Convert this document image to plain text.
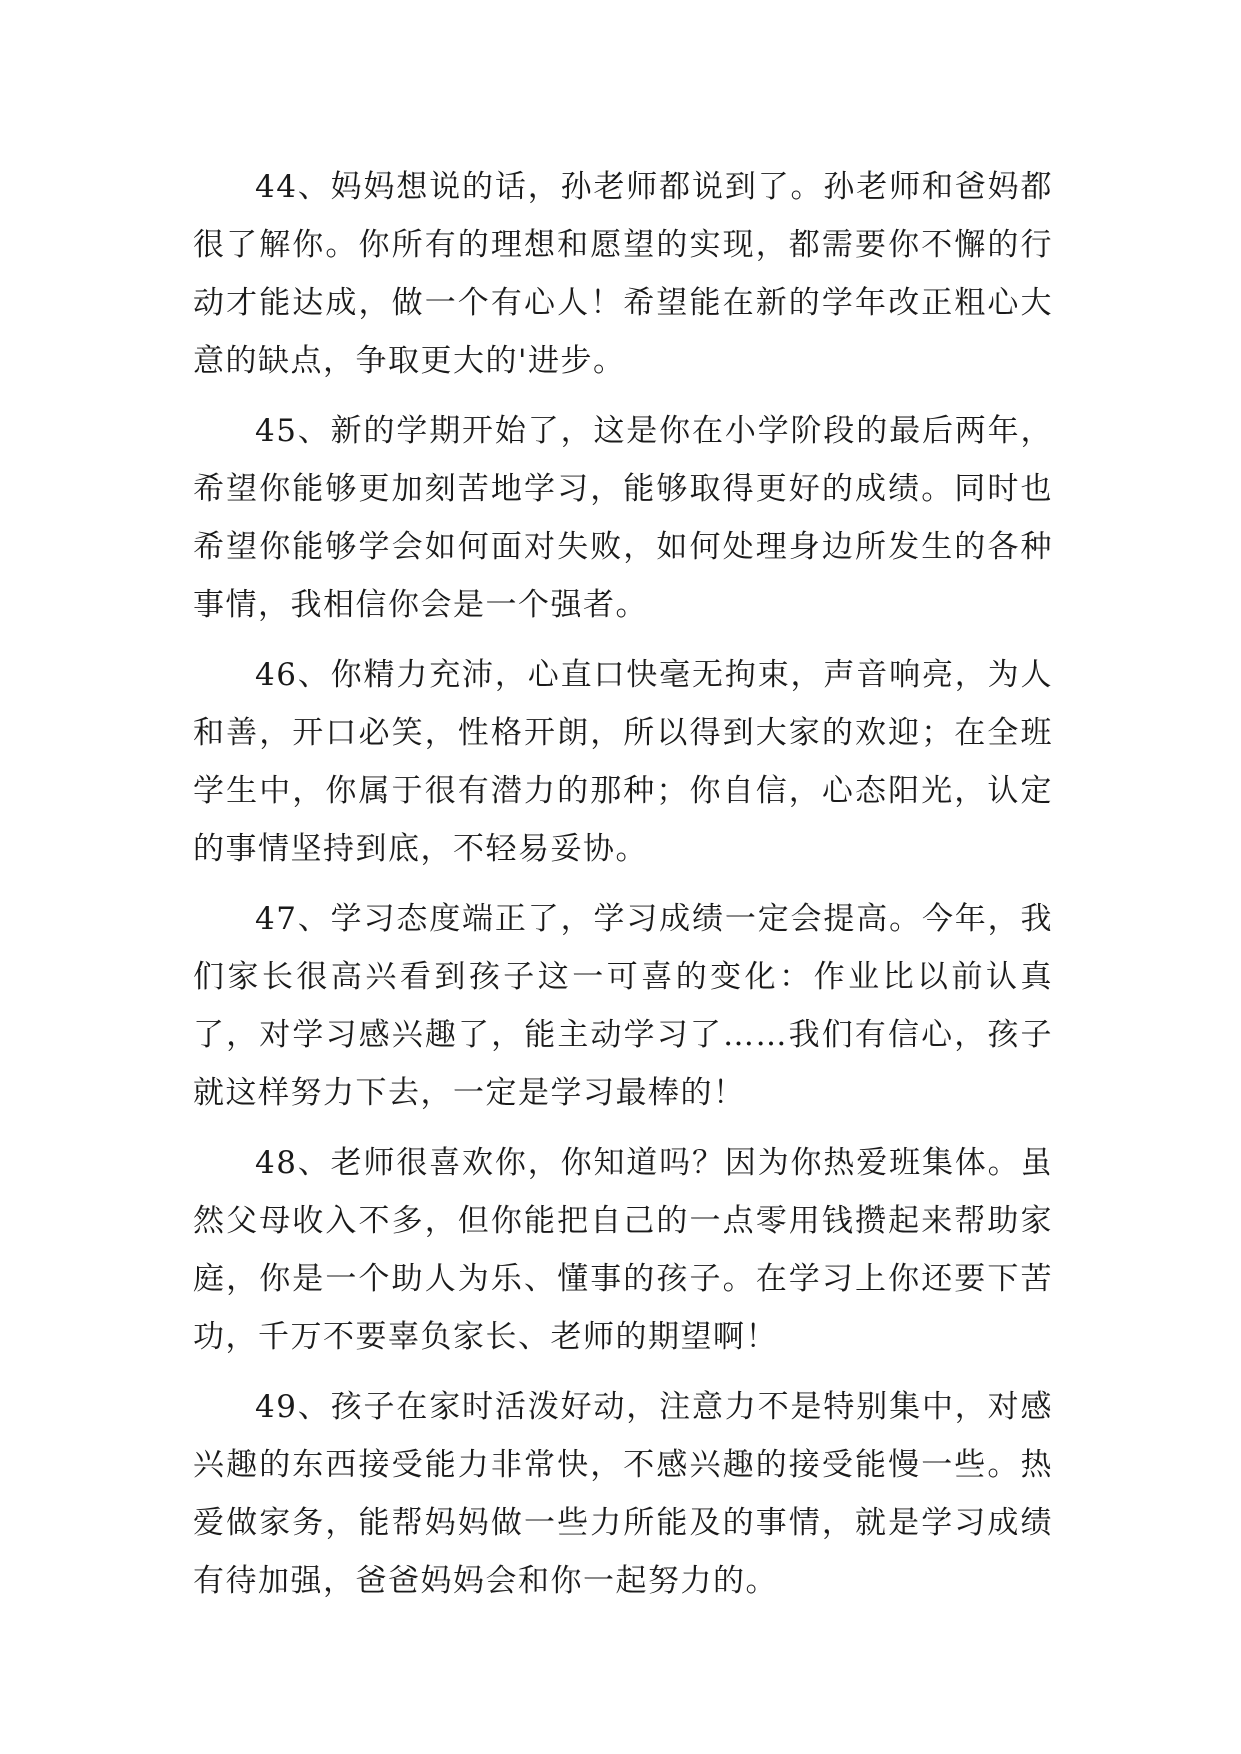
44、妈妈想说的话，孙老师都说到了。孙老师和爸妈都很了解你。你所有的理想和愿望的实现，都需要你不懈的行动才能达成，做一个有心人！希望能在新的学年改正粗心大意的缺点，争取更大的'进步。

45、新的学期开始了，这是你在小学阶段的最后两年，希望你能够更加刻苦地学习，能够取得更好的成绩。同时也希望你能够学会如何面对失败，如何处理身边所发生的各种事情，我相信你会是一个强者。

46、你精力充沛，心直口快毫无拘束，声音响亮，为人和善，开口必笑，性格开朗，所以得到大家的欢迎；在全班学生中，你属于很有潜力的那种；你自信，心态阳光，认定的事情坚持到底，不轻易妥协。

47、学习态度端正了，学习成绩一定会提高。今年，我们家长很高兴看到孩子这一可喜的变化：作业比以前认真了，对学习感兴趣了，能主动学习了……我们有信心，孩子就这样努力下去，一定是学习最棒的！

48、老师很喜欢你，你知道吗？因为你热爱班集体。虽然父母收入不多，但你能把自己的一点零用钱攒起来帮助家庭，你是一个助人为乐、懂事的孩子。在学习上你还要下苦功，千万不要辜负家长、老师的期望啊！

49、孩子在家时活泼好动，注意力不是特别集中，对感兴趣的东西接受能力非常快，不感兴趣的接受能慢一些。热爱做家务，能帮妈妈做一些力所能及的事情，就是学习成绩有待加强，爸爸妈妈会和你一起努力的。
